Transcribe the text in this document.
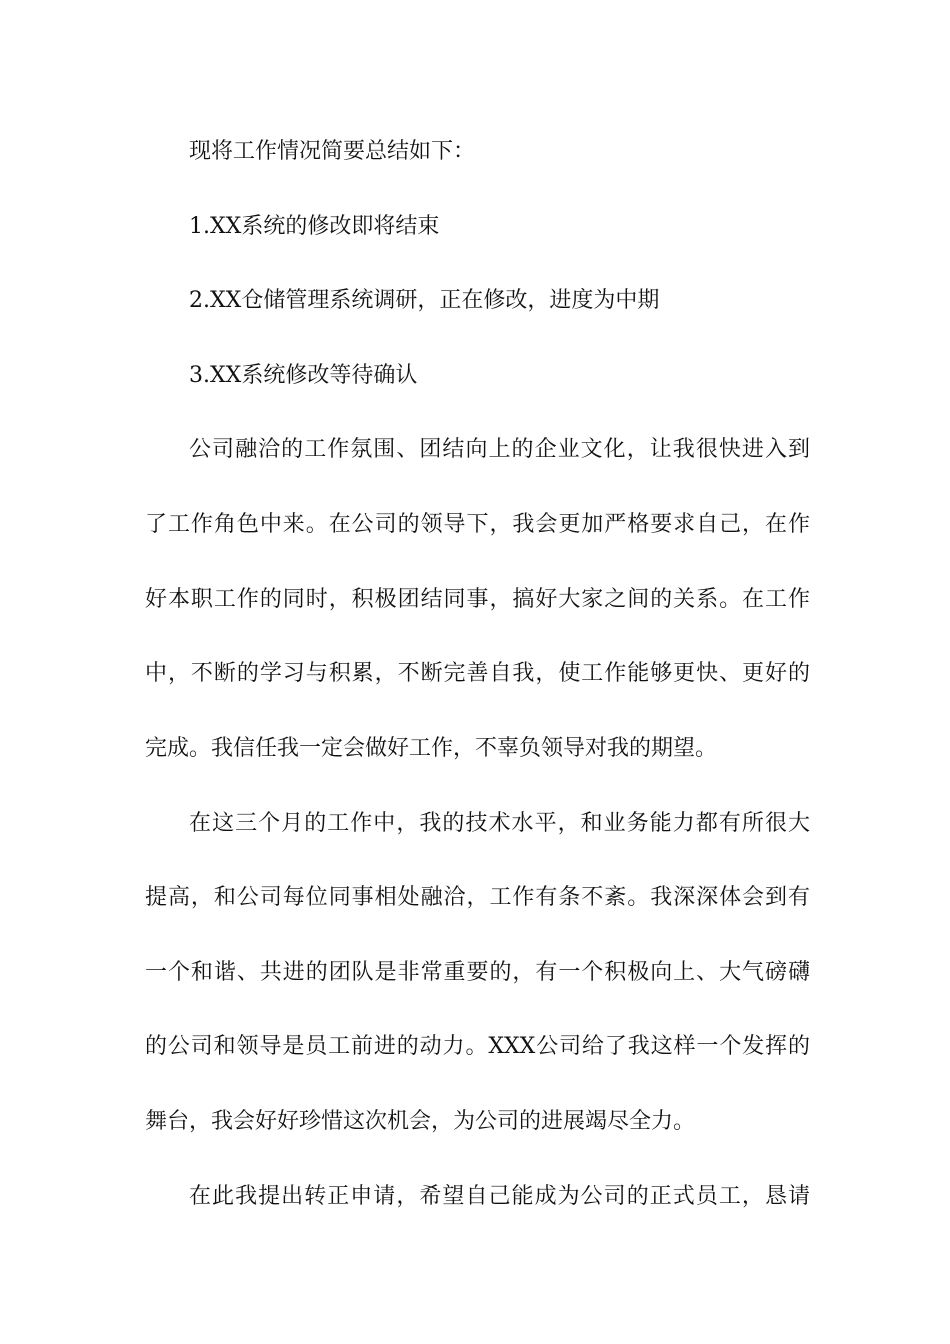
现将工作情况简要总结如下：
1.XX系统的修改即将结束
2.XX仓储管理系统调研，正在修改，进度为中期
3.XX系统修改等待确认
公司融洽的工作氛围、团结向上的企业文化，让我很快进入到
了工作角色中来。在公司的领导下，我会更加严格要求自己，在作
好本职工作的同时，积极团结同事，搞好大家之间的关系。在工作
中，不断的学习与积累，不断完善自我，使工作能够更快、更好的
完成。我信任我一定会做好工作，不辜负领导对我的期望。
在这三个月的工作中，我的技术水平，和业务能力都有所很大
提高，和公司每位同事相处融洽，工作有条不紊。我深深体会到有
一个和谐、共进的团队是非常重要的，有一个积极向上、大气磅礴
的公司和领导是员工前进的动力。XXX公司给了我这样一个发挥的
舞台，我会好好珍惜这次机会，为公司的进展竭尽全力。
在此我提出转正申请，希望自己能成为公司的正式员工，恳请
